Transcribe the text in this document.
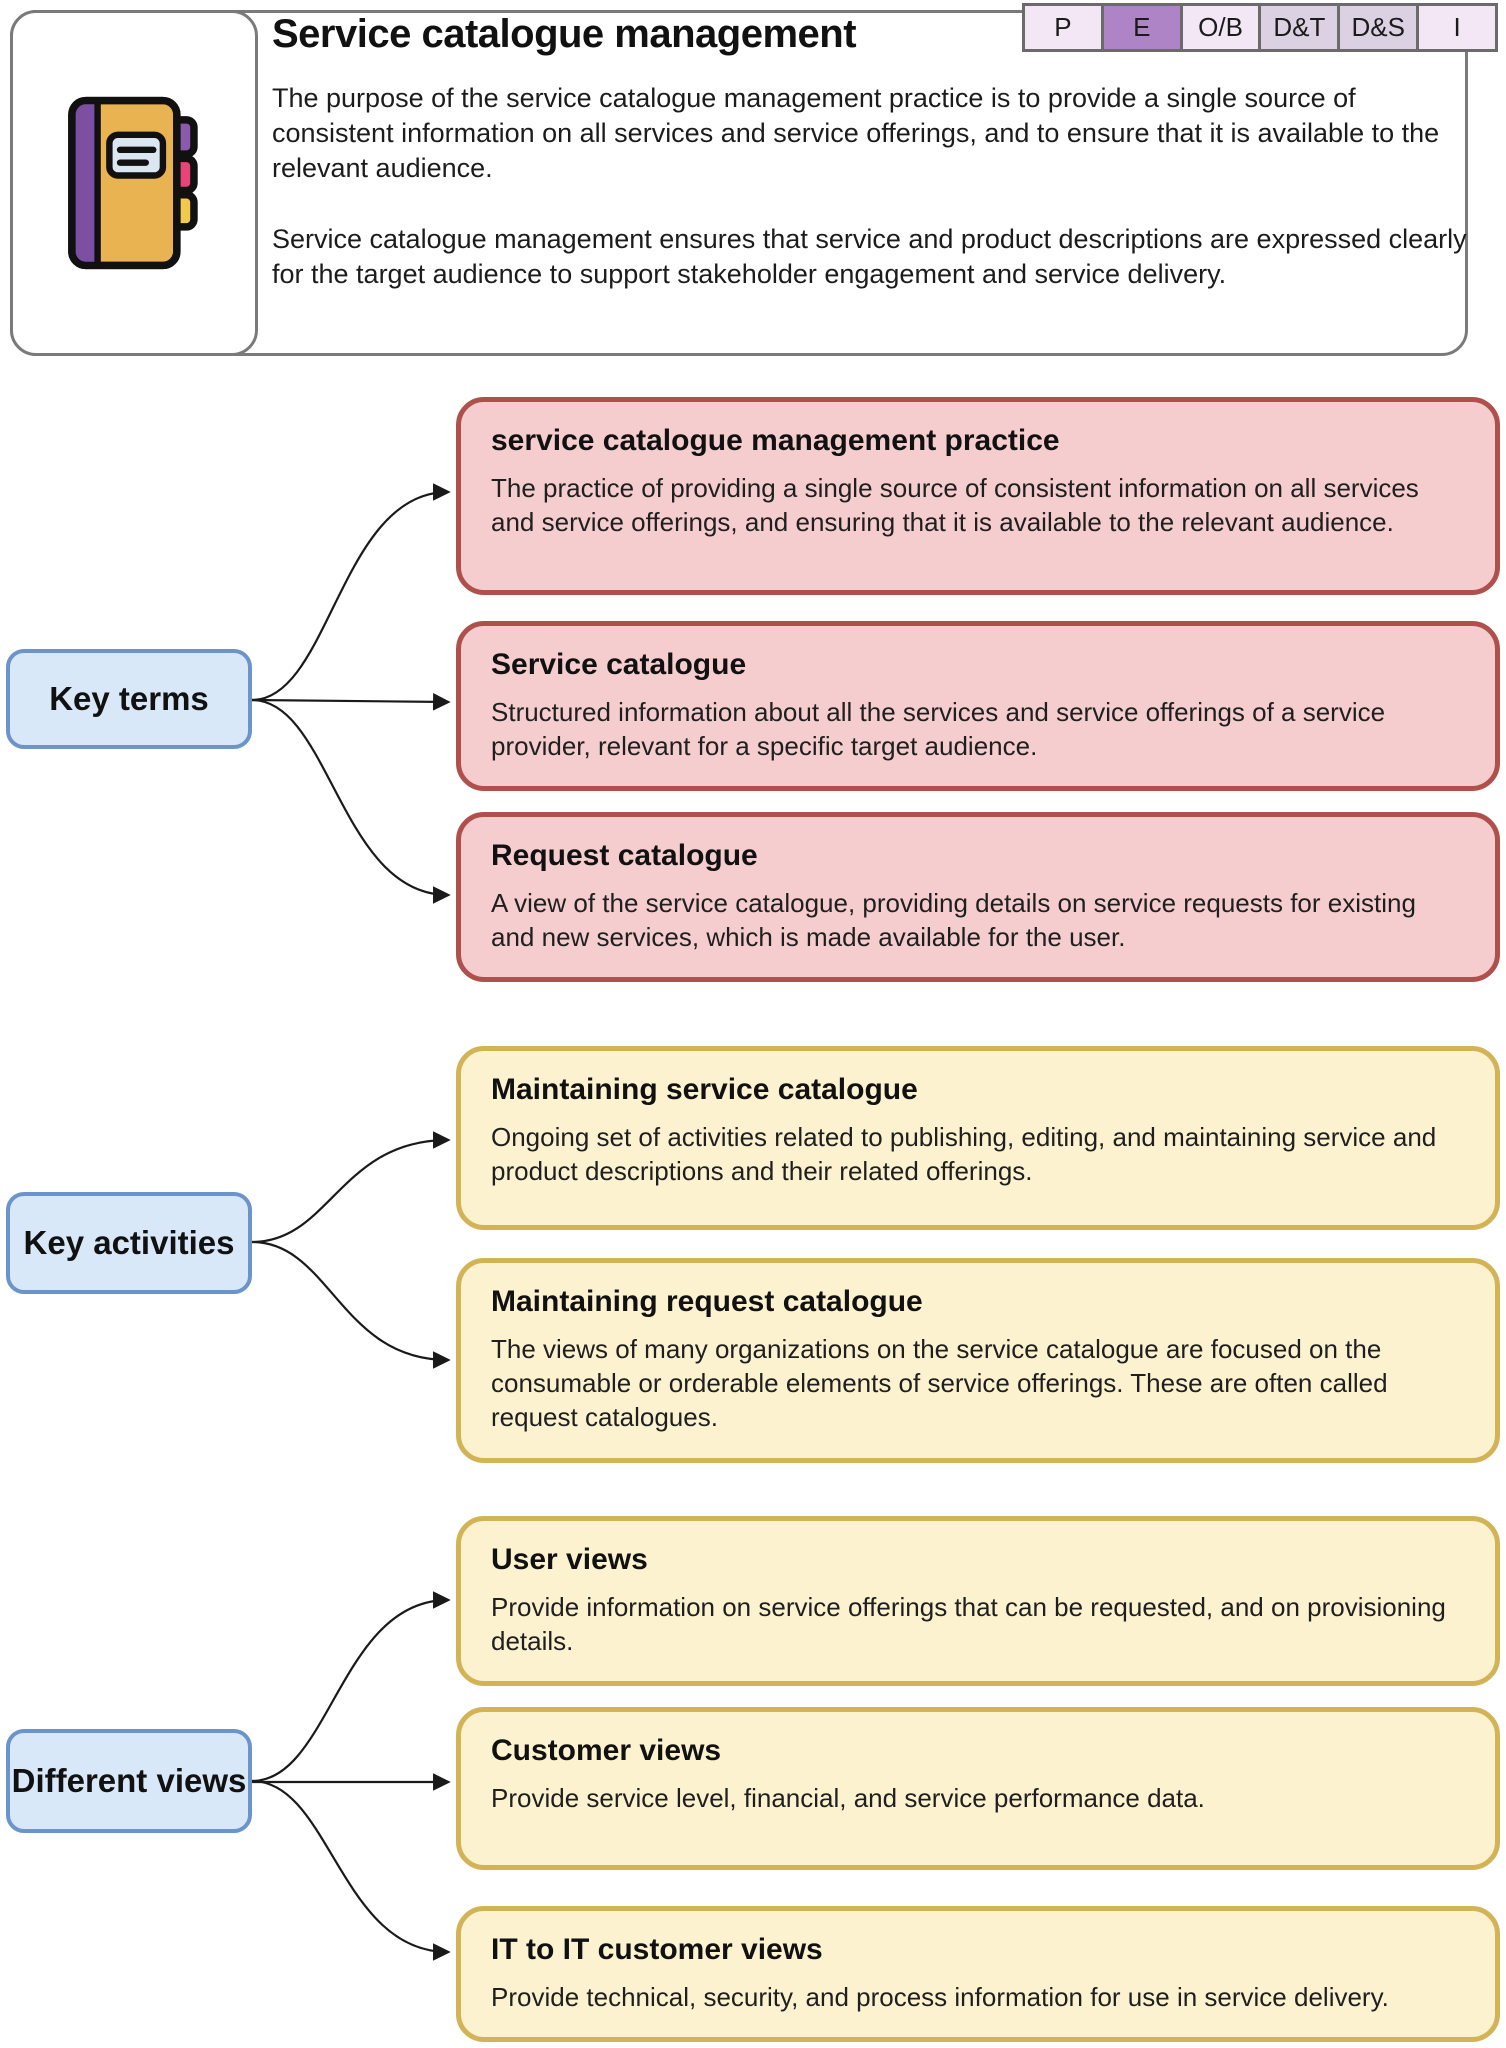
Service catalogue management

The purpose of the service catalogue management practice is to provide a single source of consistent information on all services and service offerings, and to ensure that it is available to the relevant audience.

Service catalogue management ensures that service and product descriptions are expressed clearly for the target audience to support stakeholder engagement and service delivery.

P	E	O/B	D&T	D&S	I
Key terms
Key activities
Different views
service catalogue management practice

The practice of providing a single source of consistent information on all services and service offerings, and ensuring that it is available to the relevant audience.

Service catalogue

Structured information about all the services and service offerings of a service provider, relevant for a specific target audience.

Request catalogue

A view of the service catalogue, providing details on service requests for existing and new services, which is made available for the user.

Maintaining service catalogue

Ongoing set of activities related to publishing, editing, and maintaining service and product descriptions and their related offerings.

Maintaining request catalogue

The views of many organizations on the service catalogue are focused on the consumable or orderable elements of service offerings. These are often called request catalogues.

User views

Provide information on service offerings that can be requested, and on provisioning details.

Customer views

Provide service level, financial, and service performance data.

IT to IT customer views

Provide technical, security, and process information for use in service delivery.
